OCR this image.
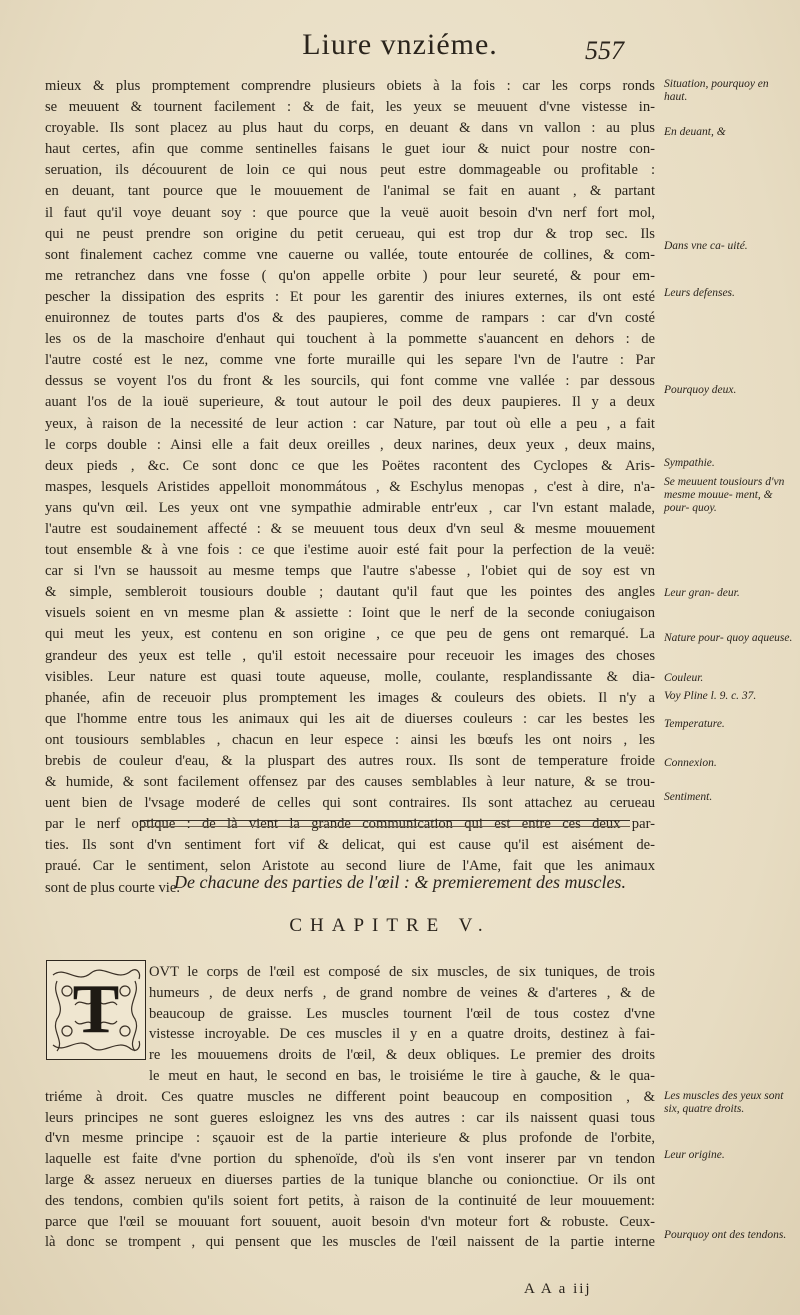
Liure vnziéme.	557
mieux & plus promptement comprendre plusieurs obiets à la fois : car les corps ronds
se meuuent & tournent facilement : & de fait, les yeux se meuuent d'vne vistesse in-
croyable. Ils sont placez au plus haut du corps, en deuant & dans vn vallon : au plus
haut certes, afin que comme sentinelles faisans le guet iour & nuict pour nostre con-
seruation, ils découurent de loin ce qui nous peut estre dommageable ou profitable :
en deuant, tant pource que le mouuement de l'animal se fait en auant , & partant
il faut qu'il voye deuant soy : que pource que la veuë auoit besoin d'vn nerf fort mol,
qui ne peust prendre son origine du petit cerueau, qui est trop dur & trop sec. Ils
sont finalement cachez comme vne cauerne ou vallée, toute entourée de collines, & com-
me retranchez dans vne fosse ( qu'on appelle orbite ) pour leur seureté, & pour em-
pescher la dissipation des esprits : Et pour les garentir des iniures externes, ils ont esté
enuironnez de toutes parts d'os & des paupieres, comme de rampars : car d'vn costé
les os de la maschoire d'enhaut qui touchent à la pommette s'auancent en dehors : de
l'autre costé est le nez, comme vne forte muraille qui les separe l'vn de l'autre : Par
dessus se voyent l'os du front & les sourcils, qui font comme vne vallée : par dessous
auant l'os de la iouë superieure, & tout autour le poil des deux paupieres. Il y a deux
yeux, à raison de la necessité de leur action : car Nature, par tout où elle a peu , a fait
le corps double : Ainsi elle a fait deux oreilles , deux narines, deux yeux , deux mains,
deux pieds , &c. Ce sont donc ce que les Poëtes racontent des Cyclopes & Aris-
maspes, lesquels Aristides appelloit monommátous , & Eschylus menopas , c'est à dire, n'a-
yans qu'vn œil. Les yeux ont vne sympathie admirable entr'eux , car l'vn estant malade,
l'autre est soudainement affecté : & se meuuent tous deux d'vn seul & mesme mouuement
tout ensemble & à vne fois : ce que i'estime auoir esté fait pour la perfection de la veuë:
car si l'vn se haussoit au mesme temps que l'autre s'abesse , l'obiet qui de soy est vn
& simple, sembleroit tousiours double ; dautant qu'il faut que les pointes des angles
visuels soient en vn mesme plan & assiette : Ioint que le nerf de la seconde coniugaison
qui meut les yeux, est contenu en son origine , ce que peu de gens ont remarqué. La
grandeur des yeux est telle , qu'il estoit necessaire pour receuoir les images des choses
visibles. Leur nature est quasi toute aqueuse, molle, coulante, resplandissante & dia-
phanée, afin de receuoir plus promptement les images & couleurs des obiets. Il n'y a
que l'homme entre tous les animaux qui les ait de diuerses couleurs : car les bestes les
ont tousiours semblables , chacun en leur espece : ainsi les bœufs les ont noirs , les
brebis de couleur d'eau, & la pluspart des autres roux. Ils sont de temperature froide
& humide, & sont facilement offensez par des causes semblables à leur nature, & se trou-
uent bien de l'vsage moderé de celles qui sont contraires. Ils sont attachez au cerueau
par le nerf optique : de là vient la grande communication qui est entre ces deux par-
ties. Ils sont d'vn sentiment fort vif & delicat, qui est cause qu'il est aisément de-
praué. Car le sentiment, selon Aristote au second liure de l'Ame, fait que les animaux
sont de plus courte vie.
Situation, pourquoy en haut.
En deuant, &
Dans vne ca- uité.
Leurs defenses.
Pourquoy deux.
Sympathie.
Se meuuent tousiours d'vn mesme mouue- ment, & pour- quoy.
Leur gran- deur.
Nature pour- quoy aqueuse.
Couleur.
Voy Pline l. 9. c. 37.
Temperature.
Connexion.
Sentiment.
Les muscles des yeux sont six, quatre droits.
Leur origine.
Pourquoy ont des tendons.
De chacune des parties de l'œil : & premierement des muscles.
CHAPITRE V.
T	OVT le corps de l'œil est composé de six muscles, de six tuniques, de trois
humeurs , de deux nerfs , de grand nombre de veines & d'arteres , & de
beaucoup de graisse. Les muscles tournent l'œil de tous costez d'vne
vistesse incroyable. De ces muscles il y en a quatre droits, destinez à fai-
re les mouuemens droits de l'œil, & deux obliques. Le premier des droits
le meut en haut, le second en bas, le troisiéme le tire à gauche, & le qua-
triéme à droit. Ces quatre muscles ne different point beaucoup en composition , &
leurs principes ne sont gueres esloignez les vns des autres : car ils naissent quasi tous
d'vn mesme principe : sçauoir est de la partie interieure & plus profonde de l'orbite,
laquelle est faite d'vne portion du sphenoïde, d'où ils s'en vont inserer par vn tendon
large & assez nerueux en diuerses parties de la tunique blanche ou conionctiue. Or ils ont
des tendons, combien qu'ils soient fort petits, à raison de la continuité de leur mouuement:
parce que l'œil se mouuant fort souuent, auoit besoin d'vn moteur fort & robuste. Ceux-
là donc se trompent , qui pensent que les muscles de l'œil naissent de la partie interne
A A a iij
